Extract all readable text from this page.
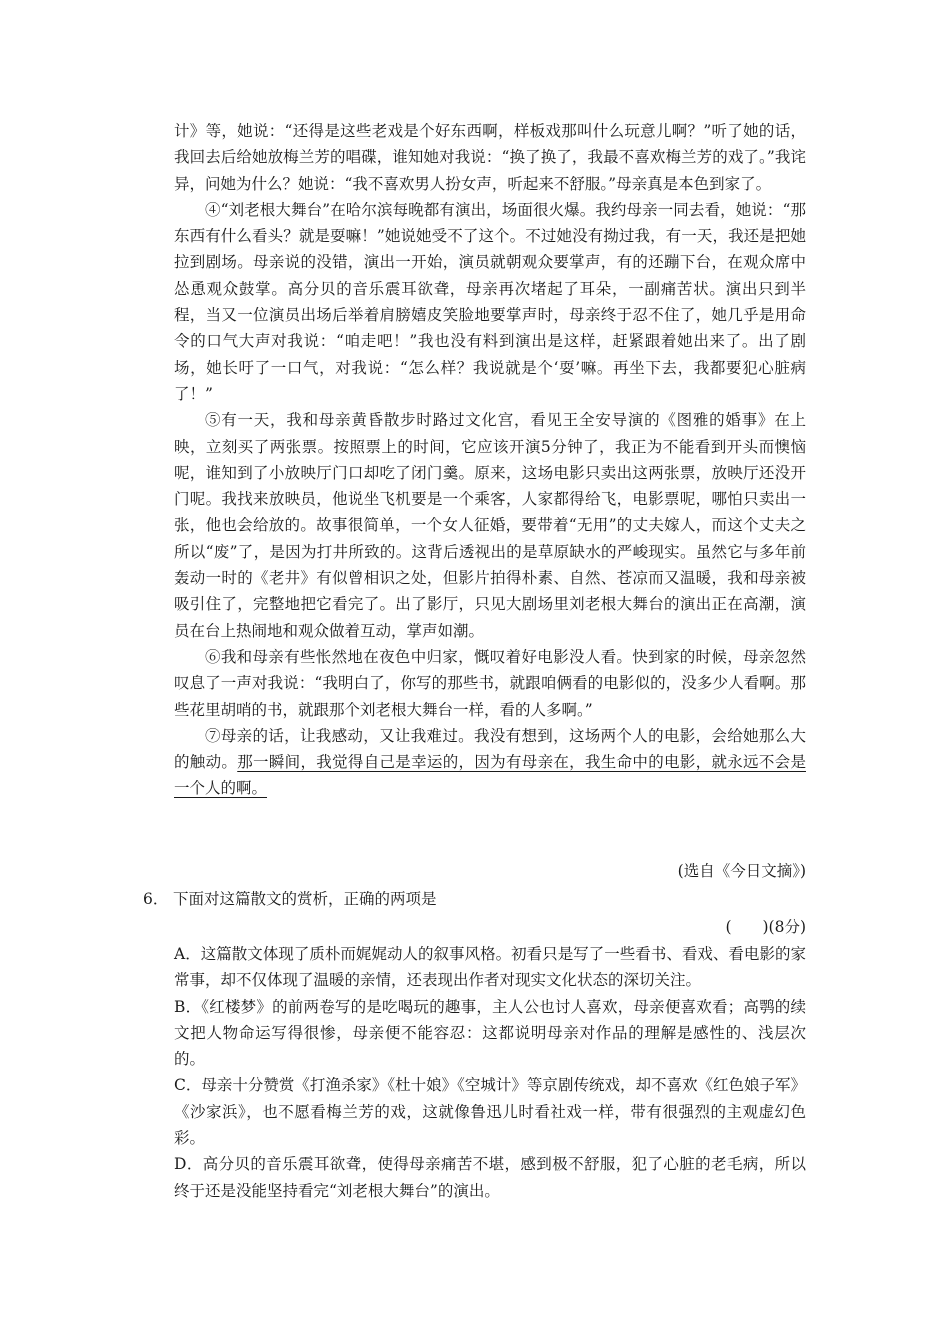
计》等，她说：“还得是这些老戏是个好东西啊，样板戏那叫什么玩意儿啊？”听了她的话，我回去后给她放梅兰芳的唱碟，谁知她对我说：“换了换了，我最不喜欢梅兰芳的戏了。”我诧异，问她为什么？她说：“我不喜欢男人扮女声，听起来不舒服。”母亲真是本色到家了。

④“刘老根大舞台”在哈尔滨每晚都有演出，场面很火爆。我约母亲一同去看，她说：“那东西有什么看头？就是耍嘛！”她说她受不了这个。不过她没有拗过我，有一天，我还是把她拉到剧场。母亲说的没错，演出一开始，演员就朝观众要掌声，有的还蹦下台，在观众席中怂恿观众鼓掌。高分贝的音乐震耳欲聋，母亲再次堵起了耳朵，一副痛苦状。演出只到半程，当又一位演员出场后举着肩膀嬉皮笑脸地要掌声时，母亲终于忍不住了，她几乎是用命令的口气大声对我说：“咱走吧！”我也没有料到演出是这样，赶紧跟着她出来了。出了剧场，她长吁了一口气，对我说：“怎么样？我说就是个‘耍’嘛。再坐下去，我都要犯心脏病了！”

⑤有一天，我和母亲黄昏散步时路过文化宫，看见王全安导演的《图雅的婚事》在上映，立刻买了两张票。按照票上的时间，它应该开演5分钟了，我正为不能看到开头而懊恼呢，谁知到了小放映厅门口却吃了闭门羹。原来，这场电影只卖出这两张票，放映厅还没开门呢。我找来放映员，他说坐飞机要是一个乘客，人家都得给飞，电影票呢，哪怕只卖出一张，他也会给放的。故事很简单，一个女人征婚，要带着“无用”的丈夫嫁人，而这个丈夫之所以“废”了，是因为打井所致的。这背后透视出的是草原缺水的严峻现实。虽然它与多年前轰动一时的《老井》有似曾相识之处，但影片拍得朴素、自然、苍凉而又温暖，我和母亲被吸引住了，完整地把它看完了。出了影厅，只见大剧场里刘老根大舞台的演出正在高潮，演员在台上热闹地和观众做着互动，掌声如潮。

⑥我和母亲有些怅然地在夜色中归家，慨叹着好电影没人看。快到家的时候，母亲忽然叹息了一声对我说：“我明白了，你写的那些书，就跟咱俩看的电影似的，没多少人看啊。那些花里胡哨的书，就跟那个刘老根大舞台一样，看的人多啊。”

⑦母亲的话，让我感动，又让我难过。我没有想到，这场两个人的电影，会给她那么大的触动。那一瞬间，我觉得自己是幸运的，因为有母亲在，我生命中的电影，就永远不会是一个人的啊。

(选自《今日文摘》)
6． 下面对这篇散文的赏析，正确的两项是
(　　)(8分)

A．这篇散文体现了质朴而娓娓动人的叙事风格。初看只是写了一些看书、看戏、看电影的家常事，却不仅体现了温暖的亲情，还表现出作者对现实文化状态的深切关注。

B．《红楼梦》的前两卷写的是吃喝玩的趣事，主人公也讨人喜欢，母亲便喜欢看；高鹗的续文把人物命运写得很惨，母亲便不能容忍：这都说明母亲对作品的理解是感性的、浅层次的。

C．母亲十分赞赏《打渔杀家》《杜十娘》《空城计》等京剧传统戏，却不喜欢《红色娘子军》《沙家浜》，也不愿看梅兰芳的戏，这就像鲁迅儿时看社戏一样，带有很强烈的主观虚幻色彩。

D．高分贝的音乐震耳欲聋，使得母亲痛苦不堪，感到极不舒服，犯了心脏的老毛病，所以终于还是没能坚持看完“刘老根大舞台”的演出。
